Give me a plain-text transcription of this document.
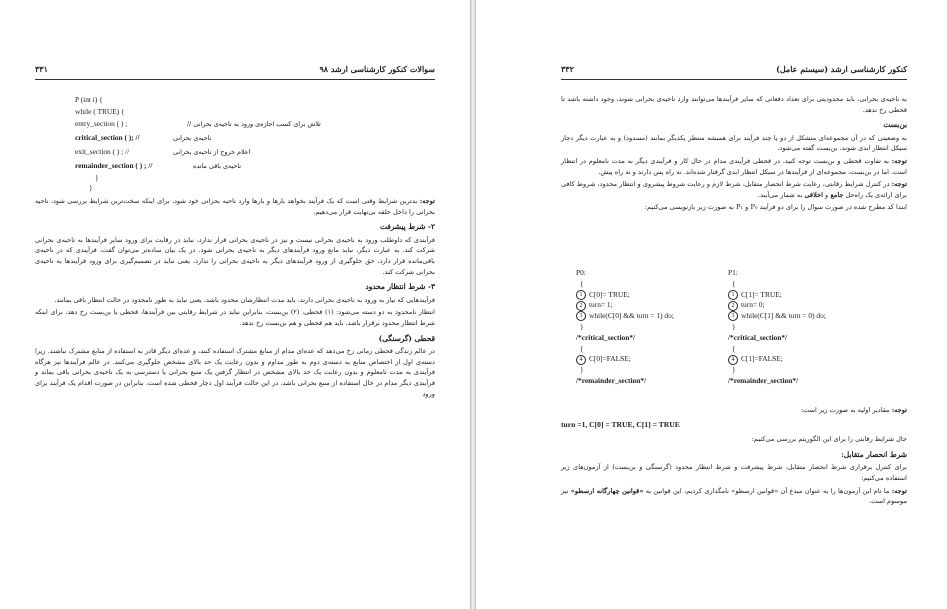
۳۳۱	سوالات کنکور کارشناسی ارشد ۹۸
P (int i) {
while ( TRUE) {
entry_section ( ) ;	تلاش برای کسب اجازه‌ی ورود به ناحیه‌ی بحرانی //
critical_section ( ); //	ناحیه‌ی بحرانی
exit_section ( ) ; //	اعلام خروج از ناحیه‌ی بحرانی
remainder_section ( ) ; //	ناحیه‌ی باقی مانده
}
}

توجه: بدترین شرایط وقتی است که یک فرآیند بخواهد بارها و بارها وارد ناحیه بحرانی خود شود، برای اینکه سخت‌ترین شرایط بررسی شود، ناحیه بحرانی را داخل حلقه بی‌نهایت قرار می‌دهیم.

۲- شرط پیشرفت

فرآیندی که داوطلب ورود به ناحیه‌ی بحرانی نیست و نیز در ناحیه‌ی بحرانی قرار ندارد، نباید در رقابت برای ورود سایر فرآیندها به ناحیه‌ی بحرانی شرکت کند. به عبارت دیگر، نباید مانع ورود فرآیندهای دیگر به ناحیه‌ی بحرانی شود. در یک بیان ساده‌تر می‌توان گفت، فرآیندی که در ناحیه‌ی باقی‌مانده قرار دارد، حق جلوگیری از ورود فرآیندهای دیگر به ناحیه‌ی بحرانی را ندارد، یعنی نباید در تصمیم‌گیری برای ورود فرآیندها به ناحیه‌ی بحرانی شرکت کند.

۳- شرط انتظار محدود

فرآیندهایی که نیاز به ورود به ناحیه‌ی بحرانی دارند، باید مدت انتظارشان محدود باشد، یعنی نباید به طور نامحدود در حالت انتظار باقی بمانند.

انتظار نامحدود به دو دسته می‌شود: (۱) قحطی، (۲) بن‌بست، بنابراین نباید در شرایط رقابتی بین فرآیندها، قحطی یا بن‌بست رخ دهد. برای اینکه شرط انتظار محدود برقرار باشد، باید هم قحطی و هم بن‌بست رخ ندهد.

قحطی (گرسنگی)

در عالم زندگی قحطی زمانی رخ می‌دهد که عده‌ای مدام از منابع مشترک استفاده کنند، و عده‌ای دیگر قادر به استفاده از منابع مشترک نباشند. زیرا دسته‌ی اول از اختصاص منابع به دسته‌ی دوم به طور مداوم و بدون رعایت یک حد بالای مشخص جلوگیری می‌کنند. در عالم فرآیندها نیز هرگاه فرآیندی به مدت نامعلوم و بدون رعایت یک حد بالای مشخص در انتظار گرفتن یک منبع بحرانی یا دسترسی به یک ناحیه‌ی بحرانی باقی بماند و فرآیندی دیگر مدام در حال استفاده از منبع بحرانی باشد، در این حالت فرآیند اول دچار قحطی شده است. بنابراین در صورت اقدام یک فرآیند برای ورود

۳۳۲	کنکور کارشناسی ارشد (سیستم عامل)

به ناحیه‌ی بحرانی، باید محدودیتی برای تعداد دفعاتی که سایر فرآیندها می‌توانند وارد ناحیه‌ی بحرانی شوند، وجود داشته باشد تا قحطی رخ ندهد.

بن‌بست

به وضعیتی که در آن مجموعه‌ای متشکل از دو یا چند فرآیند برای همیشه منتظر یکدیگر بمانند (مسدود) و به عبارت دیگر دچار سیکل انتظار ابدی شوند، بن‌بست گفته می‌شود.

توجه: به تفاوت قحطی و بن‌بست توجه کنید، در قحطی فرآیندی مدام در حال کار و فرآیندی دیگر به مدت نامعلوم در انتظار است. اما در بن‌بست، مجموعه‌ای از فرآیندها در سیکل انتظار ابدی گرفتار شده‌اند. نه راه پس دارند و نه راه پیش.

توجه: در کنترل شرایط رقابتی، رعایت شرط انحصار متقابل، شرط لازم و رعایت شروط پیشروی و انتظار محدود، شروط کافی برای ارائه‌ی یک راه‌حل جامع و اخلاقی به شمار می‌آیند.

ابتدا کد مطرح شده در صورت سوال را برای دو فرآیند P₀ و P₁ به صورت زیر بازنویسی می‌کنیم:

P0:
{
1 C[0]= TRUE;
2 turn= 1;
3 while(C[0] && turn = 1) do;
}
/*critical_section*/
{
4 C[0]=FALSE;
}
/*remainder_section*/
P1:
{
1 C[1]= TRUE;
2 turn= 0;
3 while(C[1] && turn = 0) do;
}
/*critical_section*/
{
4 C[1]=FALSE;
}
/*remainder_section*/

توجه: مقادیر اولیه به صورت زیر است:

turn =1, C[0] = TRUE, C[1] = TRUE

حال شرایط رقابتی را برای این الگوریتم بررسی می‌کنیم:

شرط انحصار متقابل:

برای کنترل برقراری شرط انحصار متقابل، شرط پیشرفت و شرط انتظار محدود (گرسنگی و بن‌بست) از آزمون‌های زیر استفاده می‌کنیم:

توجه: ما نام این آزمون‌ها را به عنوان مبدع آن «قوانین ارسطو» نامگذاری کردیم، این قوانین به «قوانین چهارگانه ارسطو» نیز موسوم است.
